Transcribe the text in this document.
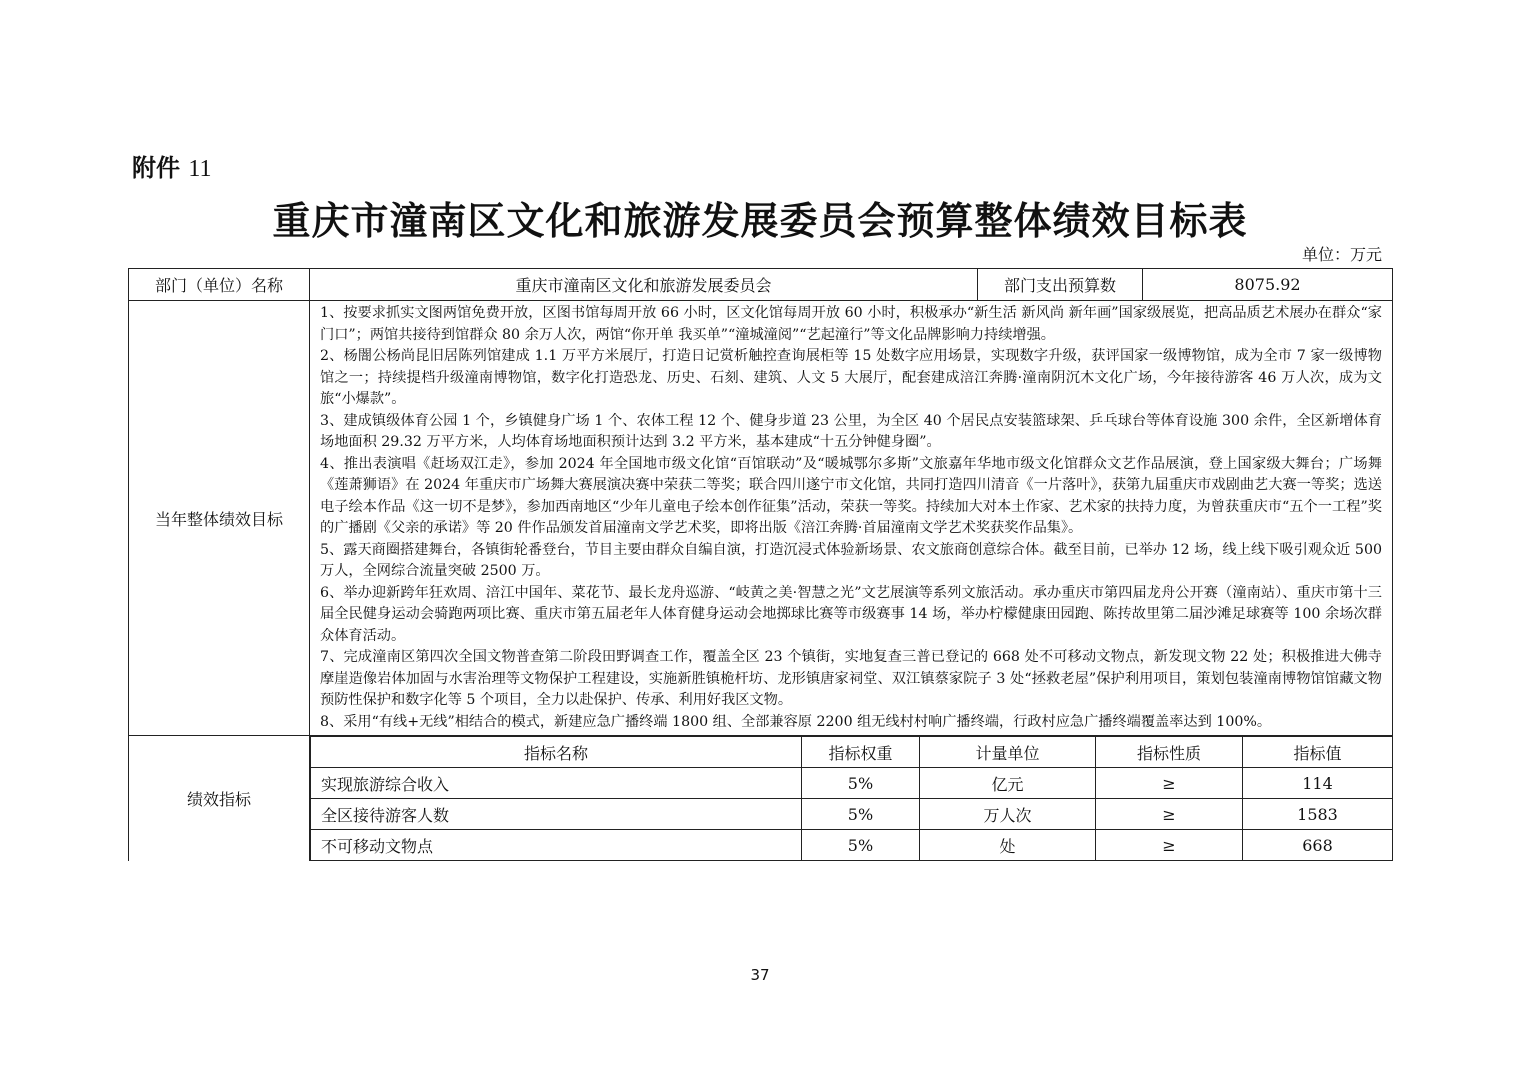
附件 11
重庆市潼南区文化和旅游发展委员会预算整体绩效目标表
单位：万元
部门（单位）名称	重庆市潼南区文化和旅游发展委员会	部门支出预算数	8075.92
当年整体绩效目标	

1、按要求抓实文图两馆免费开放，区图书馆每周开放 66 小时，区文化馆每周开放 60 小时，积极承办“新生活 新风尚 新年画”国家级展览，把高品质艺术展办在群众“家门口”；两馆共接待到馆群众 80 余万人次，两馆“你开单 我买单”“潼城潼阅”“艺起潼行”等文化品牌影响力持续增强。

2、杨闇公杨尚昆旧居陈列馆建成 1.1 万平方米展厅，打造日记赏析触控查询展柜等 15 处数字应用场景，实现数字升级，获评国家一级博物馆，成为全市 7 家一级博物馆之一；持续提档升级潼南博物馆，数字化打造恐龙、历史、石刻、建筑、人文 5 大展厅，配套建成涪江奔腾·潼南阴沉木文化广场，今年接待游客 46 万人次，成为文旅“小爆款”。

3、建成镇级体育公园 1 个，乡镇健身广场 1 个、农体工程 12 个、健身步道 23 公里，为全区 40 个居民点安装篮球架、乒乓球台等体育设施 300 余件，全区新增体育场地面积 29.32 万平方米，人均体育场地面积预计达到 3.2 平方米，基本建成“十五分钟健身圈”。

4、推出表演唱《赶场双江走》，参加 2024 年全国地市级文化馆“百馆联动”及“暖城鄂尔多斯”文旅嘉年华地市级文化馆群众文艺作品展演，登上国家级大舞台；广场舞《莲萧狮语》在 2024 年重庆市广场舞大赛展演决赛中荣获二等奖；联合四川遂宁市文化馆，共同打造四川清音《一片落叶》，获第九届重庆市戏剧曲艺大赛一等奖；选送电子绘本作品《这一切不是梦》，参加西南地区“少年儿童电子绘本创作征集”活动，荣获一等奖。持续加大对本土作家、艺术家的扶持力度，为曾获重庆市“五个一工程”奖的广播剧《父亲的承诺》等 20 件作品颁发首届潼南文学艺术奖，即将出版《涪江奔腾·首届潼南文学艺术奖获奖作品集》。

5、露天商圈搭建舞台，各镇街轮番登台，节目主要由群众自编自演，打造沉浸式体验新场景、农文旅商创意综合体。截至目前，已举办 12 场，线上线下吸引观众近 500 万人，全网综合流量突破 2500 万。

6、举办迎新跨年狂欢周、涪江中国年、菜花节、最长龙舟巡游、“岐黄之美·智慧之光”文艺展演等系列文旅活动。承办重庆市第四届龙舟公开赛（潼南站）、重庆市第十三届全民健身运动会骑跑两项比赛、重庆市第五届老年人体育健身运动会地掷球比赛等市级赛事 14 场，举办柠檬健康田园跑、陈抟故里第二届沙滩足球赛等 100 余场次群众体育活动。

7、完成潼南区第四次全国文物普查第二阶段田野调查工作，覆盖全区 23 个镇街，实地复查三普已登记的 668 处不可移动文物点，新发现文物 22 处；积极推进大佛寺摩崖造像岩体加固与水害治理等文物保护工程建设，实施新胜镇桅杆坊、龙形镇唐家祠堂、双江镇蔡家院子 3 处“拯救老屋”保护利用项目，策划包装潼南博物馆馆藏文物预防性保护和数字化等 5 个项目，全力以赴保护、传承、利用好我区文物。

8、采用“有线+无线”相结合的模式，新建应急广播终端 1800 组、全部兼容原 2200 组无线村村响广播终端，行政村应急广播终端覆盖率达到 100%。

绩效指标	
指标名称	指标权重	计量单位	指标性质	指标值
实现旅游综合收入	5%	亿元	≥	114
全区接待游客人数	5%	万人次	≥	1583
不可移动文物点	5%	处	≥	668
37
